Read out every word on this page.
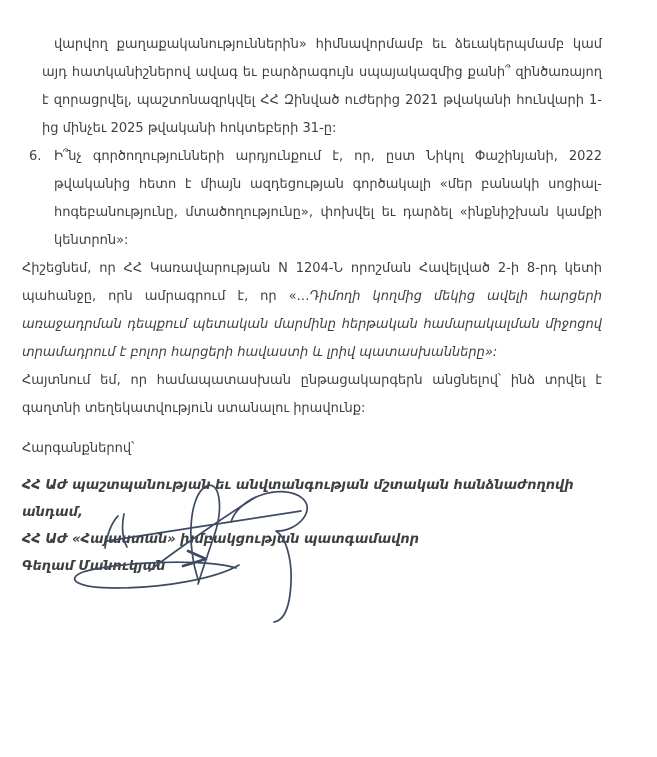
վարվող քաղաքականություններին» հիմնավորմամբ եւ ձեւակերպմամբ կամ այդ հատկանիշներով ավագ եւ բարձրագույն սպայակազմից քանի՞ զինծառայող է զորացրվել, պաշտոնազրկվել ՀՀ Զինված ուժերից 2021 թվականի հունվարի 1-ից մինչեւ 2025 թվականի հոկտեբերի 31-ը:

6. Ի՞նչ գործողությունների արդյունքում է, որ, ըստ Նիկոլ Փաշինյանի, 2022 թվականից հետո է միայն ազդեցության գործակալի «մեր բանակի սոցիալ-հոգեբանությունը, մտածողությունը», փոխվել եւ դարձել «ինքնիշխան կամքի կենտրոն»:

Հիշեցնեմ, որ ՀՀ Կառավարության N 1204-Ն որոշման Հավելված 2-ի 8-րդ կետի պահանջը, որն ամրագրում է, որ «…Դիմողի կողմից մեկից ավելի հարցերի առաջադրման դեպքում պետական մարմինը հերթական համարակալման միջոցով տրամադրում է բոլոր հարցերի հավաստի և լրիվ պատասխանները»:

Հայտնում եմ, որ համապատասխան ընթացակարգերն անցնելով՝ ինձ տրվել է գաղտնի տեղեկատվություն ստանալու իրավունք:

Հարգանքներով՝

ՀՀ ԱԺ պաշտպանության եւ անվտանգության մշտական հանձնաժողովի անդամ,
ՀՀ ԱԺ «Հայաստան» խմբակցության պատգամավոր
Գեղամ Մանուկյան
